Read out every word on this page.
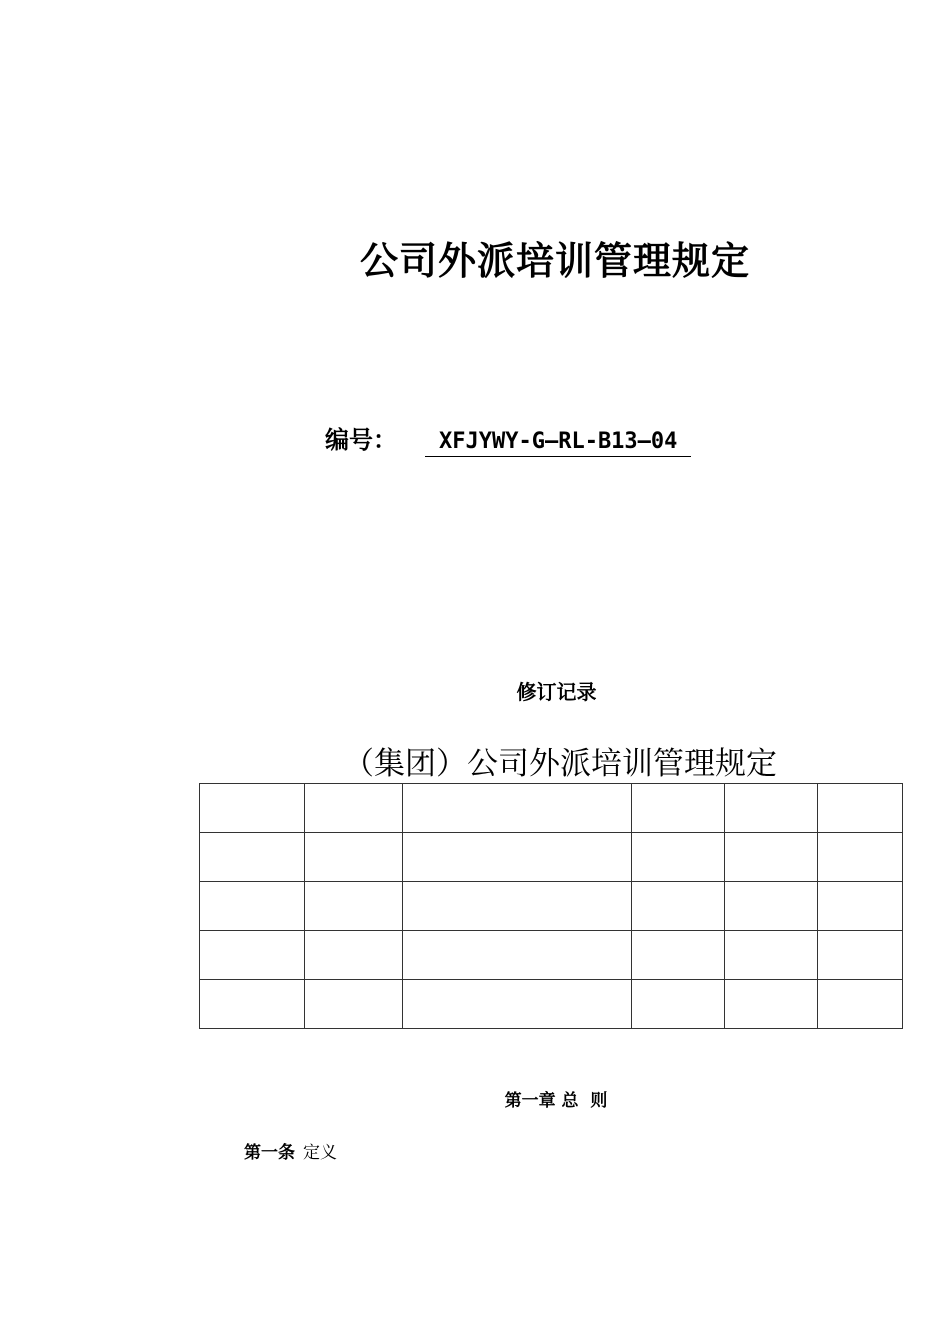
公司外派培训管理规定
编号： XFJYWY-G—RL-B13—04
修订记录
（集团）公司外派培训管理规定

第一章 总  则
第一条 定义
